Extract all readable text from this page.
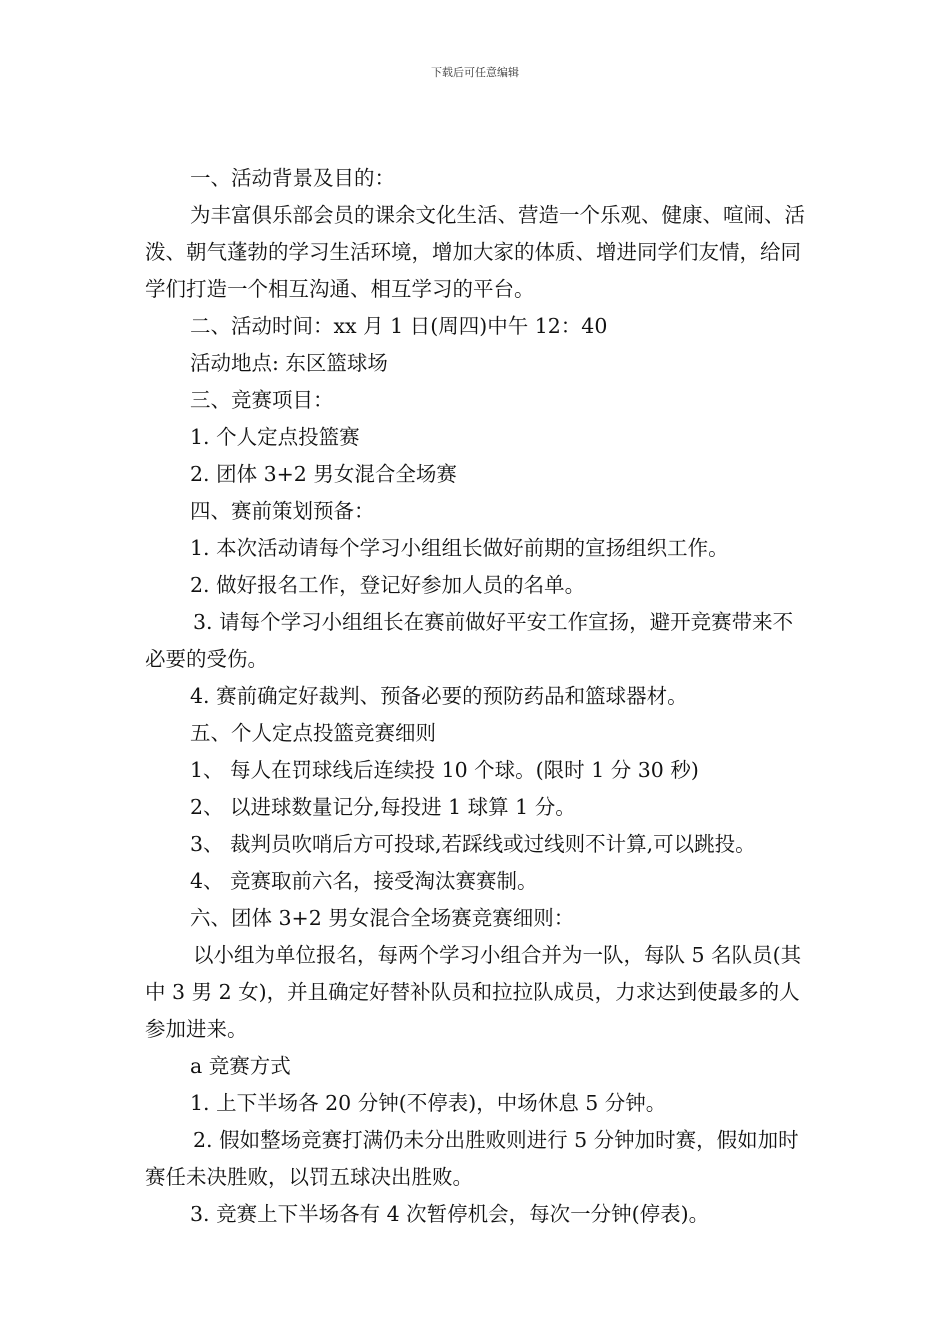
下载后可任意编辑

一、活动背景及目的：

为丰富俱乐部会员的课余文化生活、营造一个乐观、健康、喧闹、活泼、朝气蓬勃的学习生活环境，增加大家的体质、增进同学们友情，给同学们打造一个相互沟通、相互学习的平台。

二、活动时间：xx 月 1 日(周四)中午 12：40

活动地点: 东区篮球场

三、竞赛项目：

1. 个人定点投篮赛

2. 团体 3+2 男女混合全场赛

四、赛前策划预备：

1. 本次活动请每个学习小组组长做好前期的宣扬组织工作。

2. 做好报名工作，登记好参加人员的名单。

3. 请每个学习小组组长在赛前做好平安工作宣扬，避开竞赛带来不必要的受伤。

4. 赛前确定好裁判、预备必要的预防药品和篮球器材。

五、个人定点投篮竞赛细则

1、 每人在罚球线后连续投 10 个球。(限时 1 分 30 秒)

2、 以进球数量记分,每投进 1 球算 1 分。

3、 裁判员吹哨后方可投球,若踩线或过线则不计算,可以跳投。

4、 竞赛取前六名，接受淘汰赛赛制。

六、团体 3+2 男女混合全场赛竞赛细则：

以小组为单位报名，每两个学习小组合并为一队，每队 5 名队员(其中 3 男 2 女)，并且确定好替补队员和拉拉队成员，力求达到使最多的人参加进来。

a 竞赛方式

1. 上下半场各 20 分钟(不停表)，中场休息 5 分钟。

2. 假如整场竞赛打满仍未分出胜败则进行 5 分钟加时赛，假如加时赛任未决胜败，以罚五球决出胜败。

3. 竞赛上下半场各有 4 次暂停机会，每次一分钟(停表)。
